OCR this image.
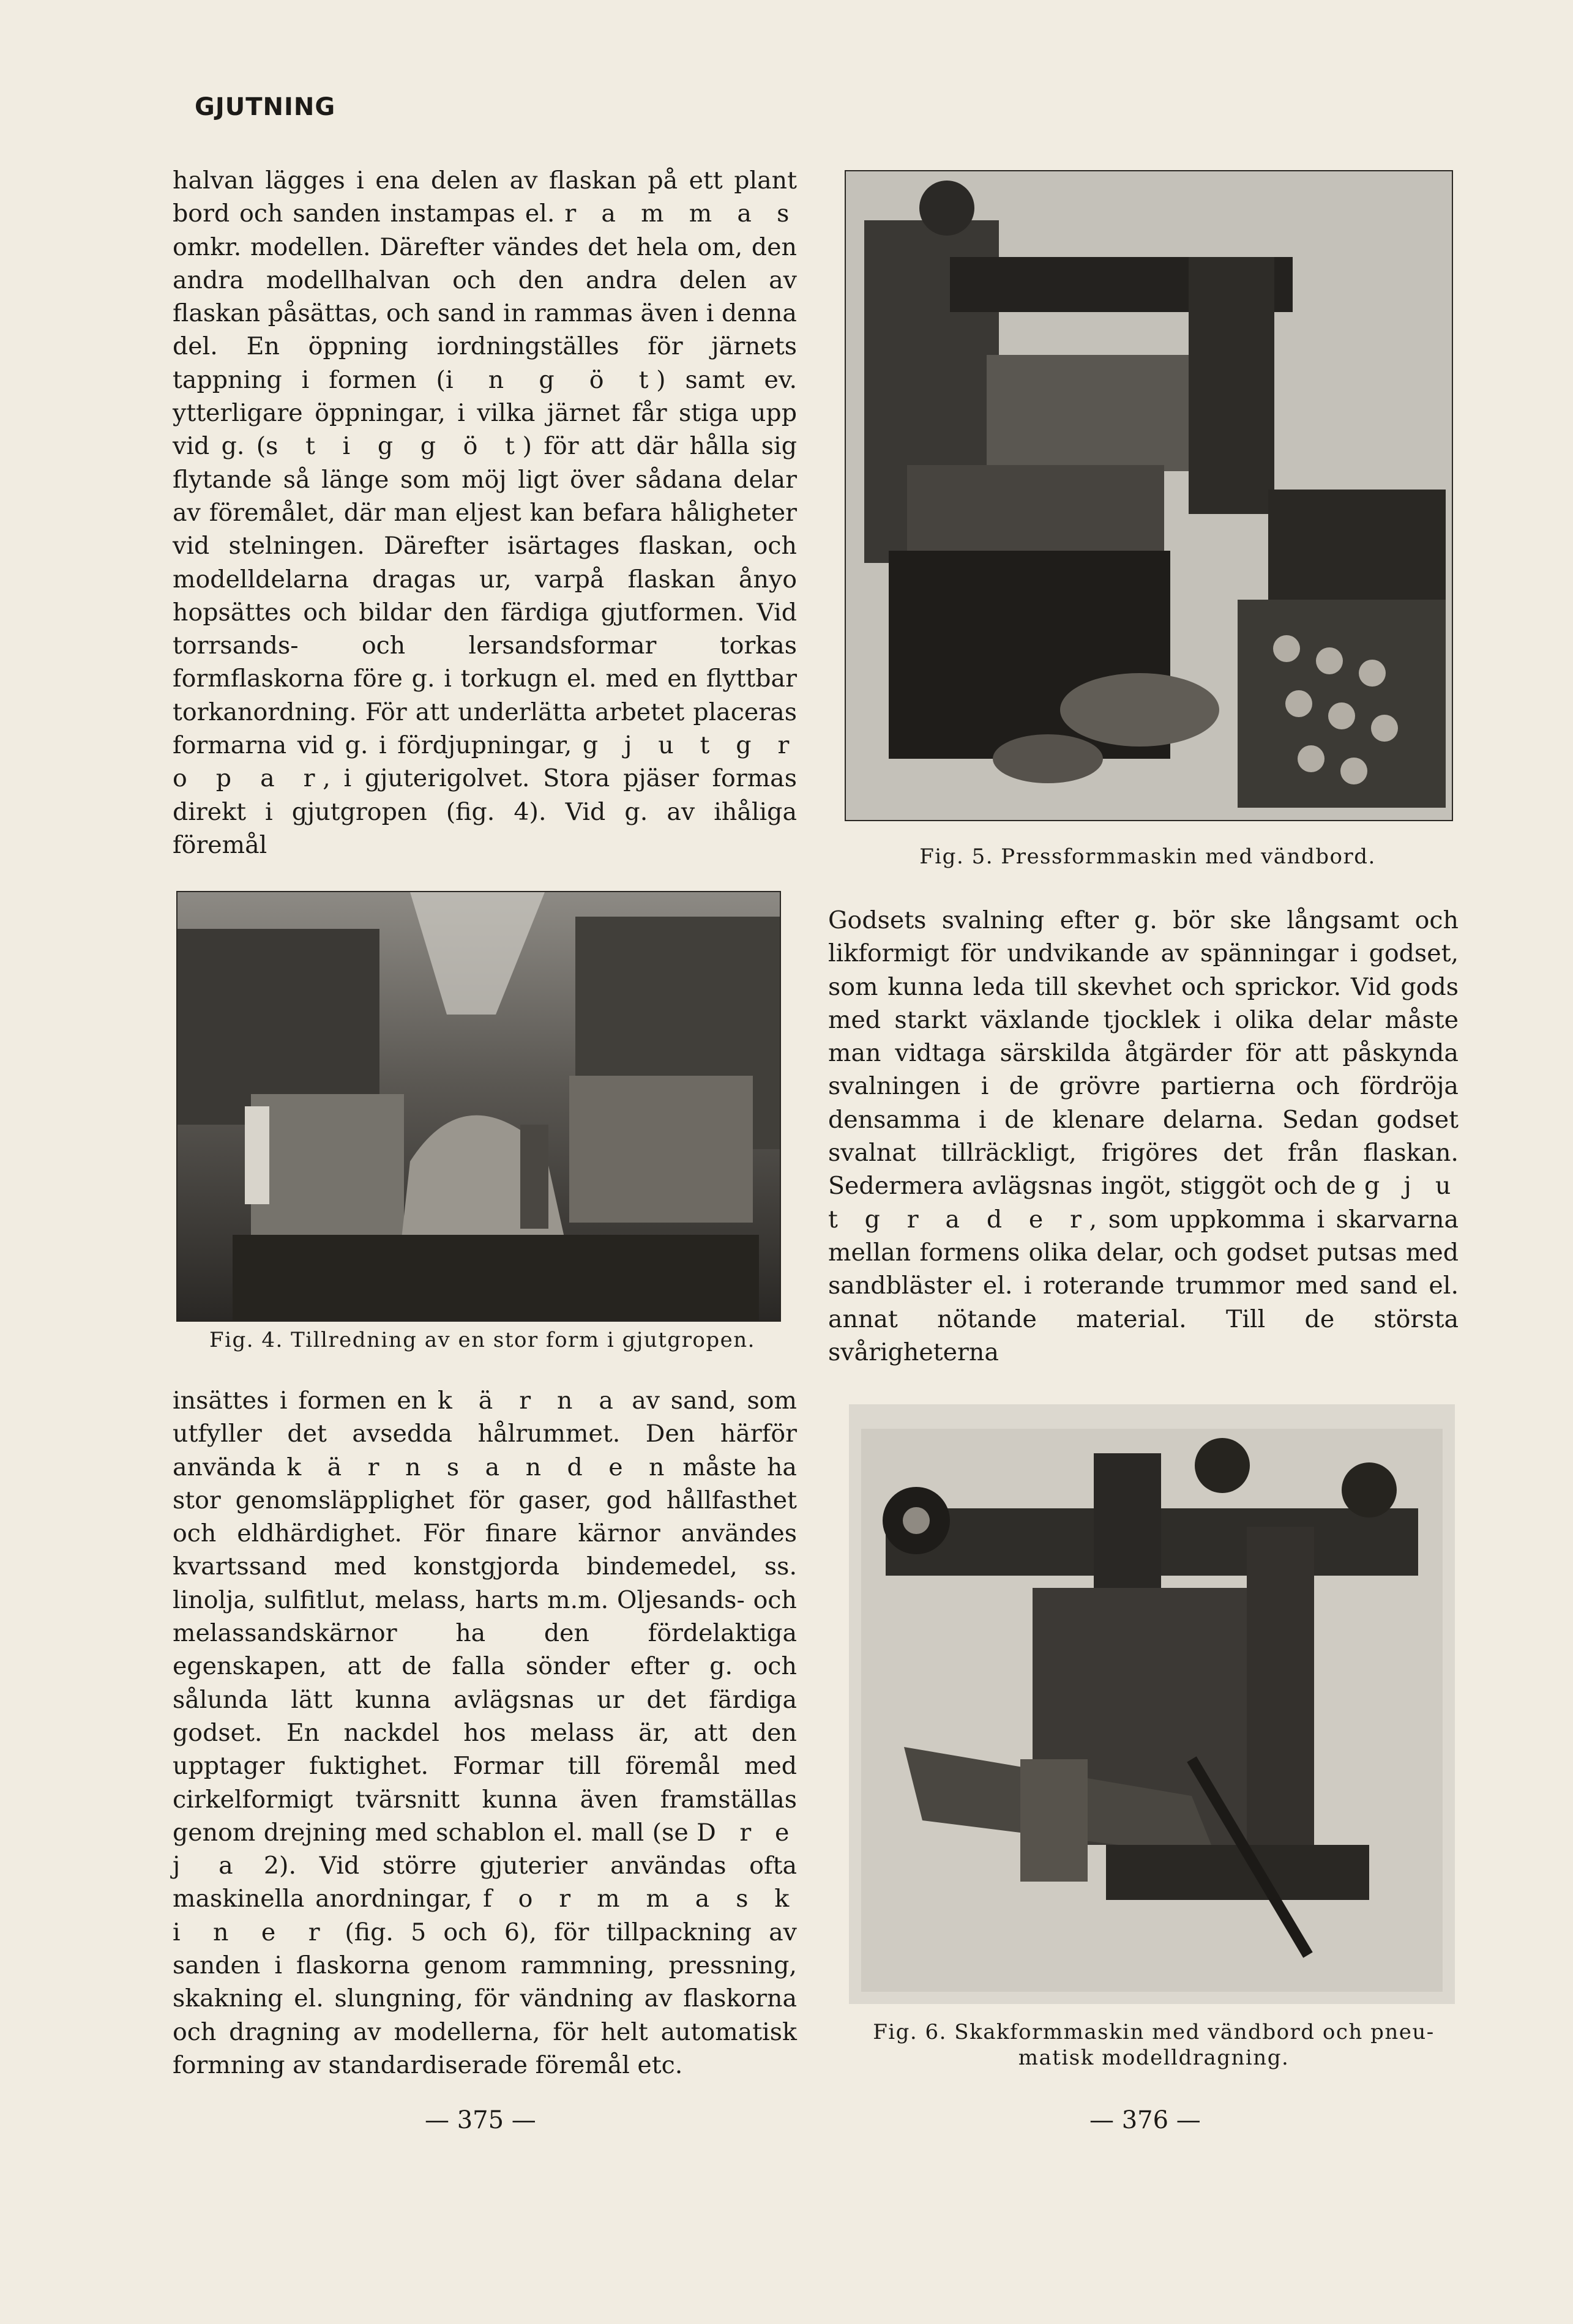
GJUTNING

halvan lägges i ena delen av flaskan på ett plant bord och sanden instampas el. r a m m a s omkr. modellen. Därefter vändes det hela om, den andra modellhalvan och den andra delen av flaskan påsättas, och sand in rammas även i denna del. En öppning iordningställes för järnets tappning i formen (i n g ö t) samt ev. ytterligare öppningar, i vilka järnet får stiga upp vid g. (s t i g g ö t) för att där hålla sig flytande så länge som möj ligt över sådana delar av föremålet, där man eljest kan befara håligheter vid stelningen. Därefter isärtages flaskan, och modelldelarna dragas ur, varpå flaskan ånyo hopsättes och bildar den färdiga gjutformen. Vid torrsands- och lersandsformar torkas formflaskorna före g. i torkugn el. med en flyttbar torkanordning. För att underlätta arbetet placeras formarna vid g. i fördjupningar, g j u t g r o p a r, i gjuterigolvet. Stora pjäser formas direkt i gjutgropen (fig. 4). Vid g. av ihåliga föremål

Fig. 4. Tillredning av en stor form i gjutgropen.

insättes i formen en k ä r n a av sand, som utfyller det avsedda hålrummet. Den härför använda k ä r n s a n d e n måste ha stor genomsläpplighet för gaser, god hållfasthet och eldhärdighet. För finare kärnor användes kvartssand med konstgjorda bindemedel, ss. linolja, sulfitlut, melass, harts m.m. Oljesands- och melassandskärnor ha den fördelaktiga egenskapen, att de falla sönder efter g. och sålunda lätt kunna avlägsnas ur det färdiga godset. En nackdel hos melass är, att den upptager fuktighet. Formar till föremål med cirkelformigt tvärsnitt kunna även framställas genom drejning med schablon el. mall (se D r e j a 2). Vid större gjuterier användas ofta maskinella anordningar, f o r m m a s k i n e r (fig. 5 och 6), för tillpackning av sanden i flaskorna genom rammning, pressning, skakning el. slungning, för vändning av flaskorna och dragning av modellerna, för helt automatisk formning av standardiserade föremål etc.

Fig. 5. Pressformmaskin med vändbord.

Godsets svalning efter g. bör ske långsamt och likformigt för undvikande av spänningar i godset, som kunna leda till skevhet och sprickor. Vid gods med starkt växlande tjocklek i olika delar måste man vidtaga särskilda åtgärder för att påskynda svalningen i de grövre partierna och fördröja densamma i de klenare delarna. Sedan godset svalnat tillräckligt, frigöres det från flaskan. Sedermera avlägsnas ingöt, stiggöt och de g j u t g r a d e r, som uppkomma i skarvarna mellan formens olika delar, och godset putsas med sandbläster el. i roterande trummor med sand el. annat nötande material. Till de största svårigheterna

Fig. 6. Skakformmaskin med vändbord och pneu-
matisk modelldragning.
— 375 —	— 376 —
